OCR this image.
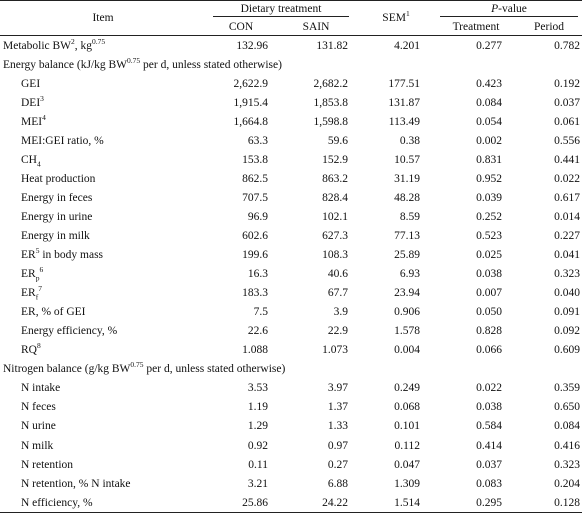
Item	Dietary treatment		SEM$^1$	P-value	
	CON	SAIN		Treatment	Period
Metabolic $BW^2$, $kg^{0.75}$	132.96	131.82	4.201	0.277	0.782
Energy balance (kJ/kg $BW^{0.75}$ per d, unless stated otherwise)					
GEI	2,622.9	2,682.2	177.51	0.423	0.192
DEI$^3$	1,915.4	1,853.8	131.87	0.084	0.037
MEI$^4$	1,664.8	1,598.8	113.49	0.054	0.061
MEI:GEI ratio, %	63.3	59.6	0.38	0.002	0.556
$CH_4$	153.8	152.9	10.57	0.831	0.441
Heat production	862.5	863.2	31.19	0.952	0.022
Energy in feces	707.5	828.4	48.28	0.039	0.617
Energy in urine	96.9	102.1	8.59	0.252	0.014
Energy in milk	602.6	627.3	77.13	0.523	0.227
$ER^5$ in body mass	199.6	108.3	25.89	0.025	0.041
$ER_p^6$	16.3	40.6	6.93	0.038	0.323
$ER_f^7$	183.3	67.7	23.94	0.007	0.040
ER, % of GEI	7.5	3.9	0.906	0.050	0.091
Energy efficiency, %	22.6	22.9	1.578	0.828	0.092
$RQ^8$	1.088	1.073	0.004	0.066	0.609
Nitrogen balance (g/kg $BW^{0.75}$ per d, unless stated otherwise)					
N intake	3.53	3.97	0.249	0.022	0.359
N feces	1.19	1.37	0.068	0.038	0.650
N urine	1.29	1.33	0.101	0.584	0.084
N milk	0.92	0.97	0.112	0.414	0.416
N retention	0.11	0.27	0.047	0.037	0.323
N retention, % N intake	3.21	6.88	1.309	0.083	0.204
N efficiency, %	25.86	24.22	1.514	0.295	0.128
